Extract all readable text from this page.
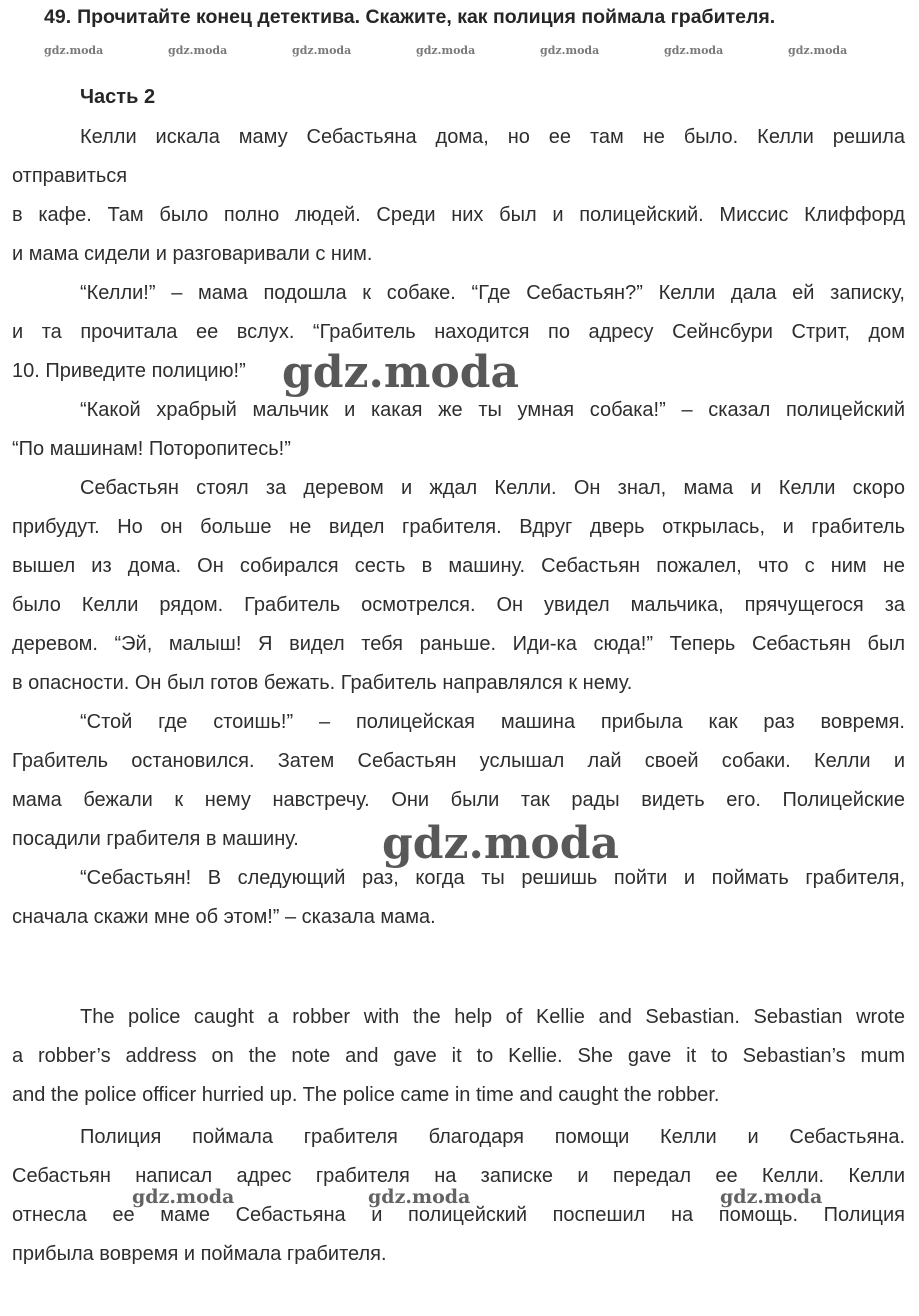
49. Прочитайте конец детектива. Скажите, как полиция поймала грабителя.
gdz.moda	gdz.moda	gdz.moda	gdz.moda	gdz.moda	gdz.moda	gdz.moda
Часть 2
Келли искала маму Себастьяна дома, но ее там не было. Келли решила
отправиться
в кафе. Там было полно людей. Среди них был и полицейский. Миссис Клиффорд
и мама сидели и разговаривали с ним.
“Келли!” – мама подошла к собаке. “Где Себастьян?” Келли дала ей записку,
и та прочитала ее вслух. “Грабитель находится по адресу Сейнсбури Стрит, дом
10. Приведите полицию!”
“Какой храбрый мальчик и какая же ты умная собака!” – сказал полицейский
“По машинам! Поторопитесь!”
Себастьян стоял за деревом и ждал Келли. Он знал, мама и Келли скоро
прибудут. Но он больше не видел грабителя. Вдруг дверь открылась, и грабитель
вышел из дома. Он собирался сесть в машину. Себастьян пожалел, что с ним не
было Келли рядом. Грабитель осмотрелся. Он увидел мальчика, прячущегося за
деревом. “Эй, малыш! Я видел тебя раньше. Иди-ка сюда!” Теперь Себастьян был
в опасности. Он был готов бежать. Грабитель направлялся к нему.
“Стой где стоишь!” – полицейская машина прибыла как раз вовремя.
Грабитель остановился. Затем Себастьян услышал лай своей собаки. Келли и
мама бежали к нему навстречу. Они были так рады видеть его. Полицейские
посадили грабителя в машину.
“Себастьян! В следующий раз, когда ты решишь пойти и поймать грабителя,
сначала скажи мне об этом!” – сказала мама.
The police caught a robber with the help of Kellie and Sebastian. Sebastian wrote
a robber’s address on the note and gave it to Kellie. She gave it to Sebastian’s mum
and the police officer hurried up. The police came in time and caught the robber.
Полиция поймала грабителя благодаря помощи Келли и Себастьяна.
Себастьян написал адрес грабителя на записке и передал ее Келли. Келли
отнесла ее маме Себастьяна и полицейский поспешил на помощь. Полиция
прибыла вовремя и поймала грабителя.
gdz.moda
gdz.moda
gdz.moda	gdz.moda	gdz.moda
